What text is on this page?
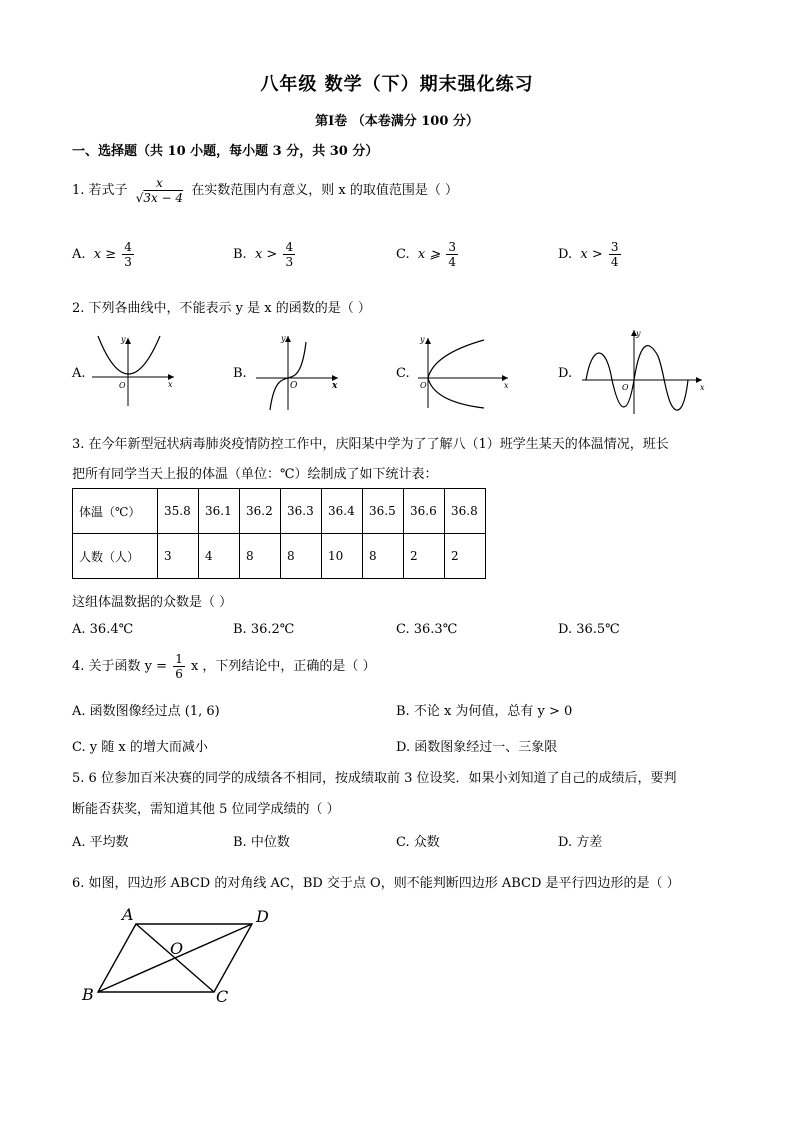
八年级 数学（下）期末强化练习
第Ⅰ卷 （本卷满分 100 分）
一、选择题（共 10 小题，每小题 3 分，共 30 分）
1. 若式子 $\frac{x}{√3x - 4}$ 在实数范围内有意义，则 x 的取值范围是（ ）
A. $x \ge \frac{4}{3}$	B. $x > \frac{4}{3}$	C. x ⩾ $\frac{3}{4}$	D. $x > \frac{3}{4}$
2. 下列各曲线中，不能表示 y 是 x 的函数的是（ ）
A.
y
x
O
B.
y
x
O
C.
y
x
O
D.
y
x
O
3. 在今年新型冠状病毒肺炎疫情防控工作中，庆阳某中学为了了解八（1）班学生某天的体温情况，班长
把所有同学当天上报的体温（单位：℃）绘制成了如下统计表：
体温（℃）	35.8	36.1	36.2	36.3	36.4	36.5	36.6	36.8
人数（人）	3	4	8	8	10	8	2	2
这组体温数据的众数是（ ）
A. 36.4℃	B. 36.2℃	C. 36.3℃	D. 36.5℃
4. 关于函数 $y = \frac{1}{6}$ x ，下列结论中，正确的是（ ）
A. 函数图像经过点 (1, 6)	B. 不论 x 为何值，总有 y > 0
C. y 随 x 的增大而减小	D. 函数图象经过一、三象限
5. 6 位参加百米决赛的同学的成绩各不相同，按成绩取前 3 位设奖．如果小刘知道了自己的成绩后，要判
断能否获奖，需知道其他 5 位同学成绩的（ ）
A. 平均数	B. 中位数	C. 众数	D. 方差
6. 如图，四边形 ABCD 的对角线 AC，BD 交于点 O，则不能判断四边形 ABCD 是平行四边形的是（ ）
A	D
B	C
O
